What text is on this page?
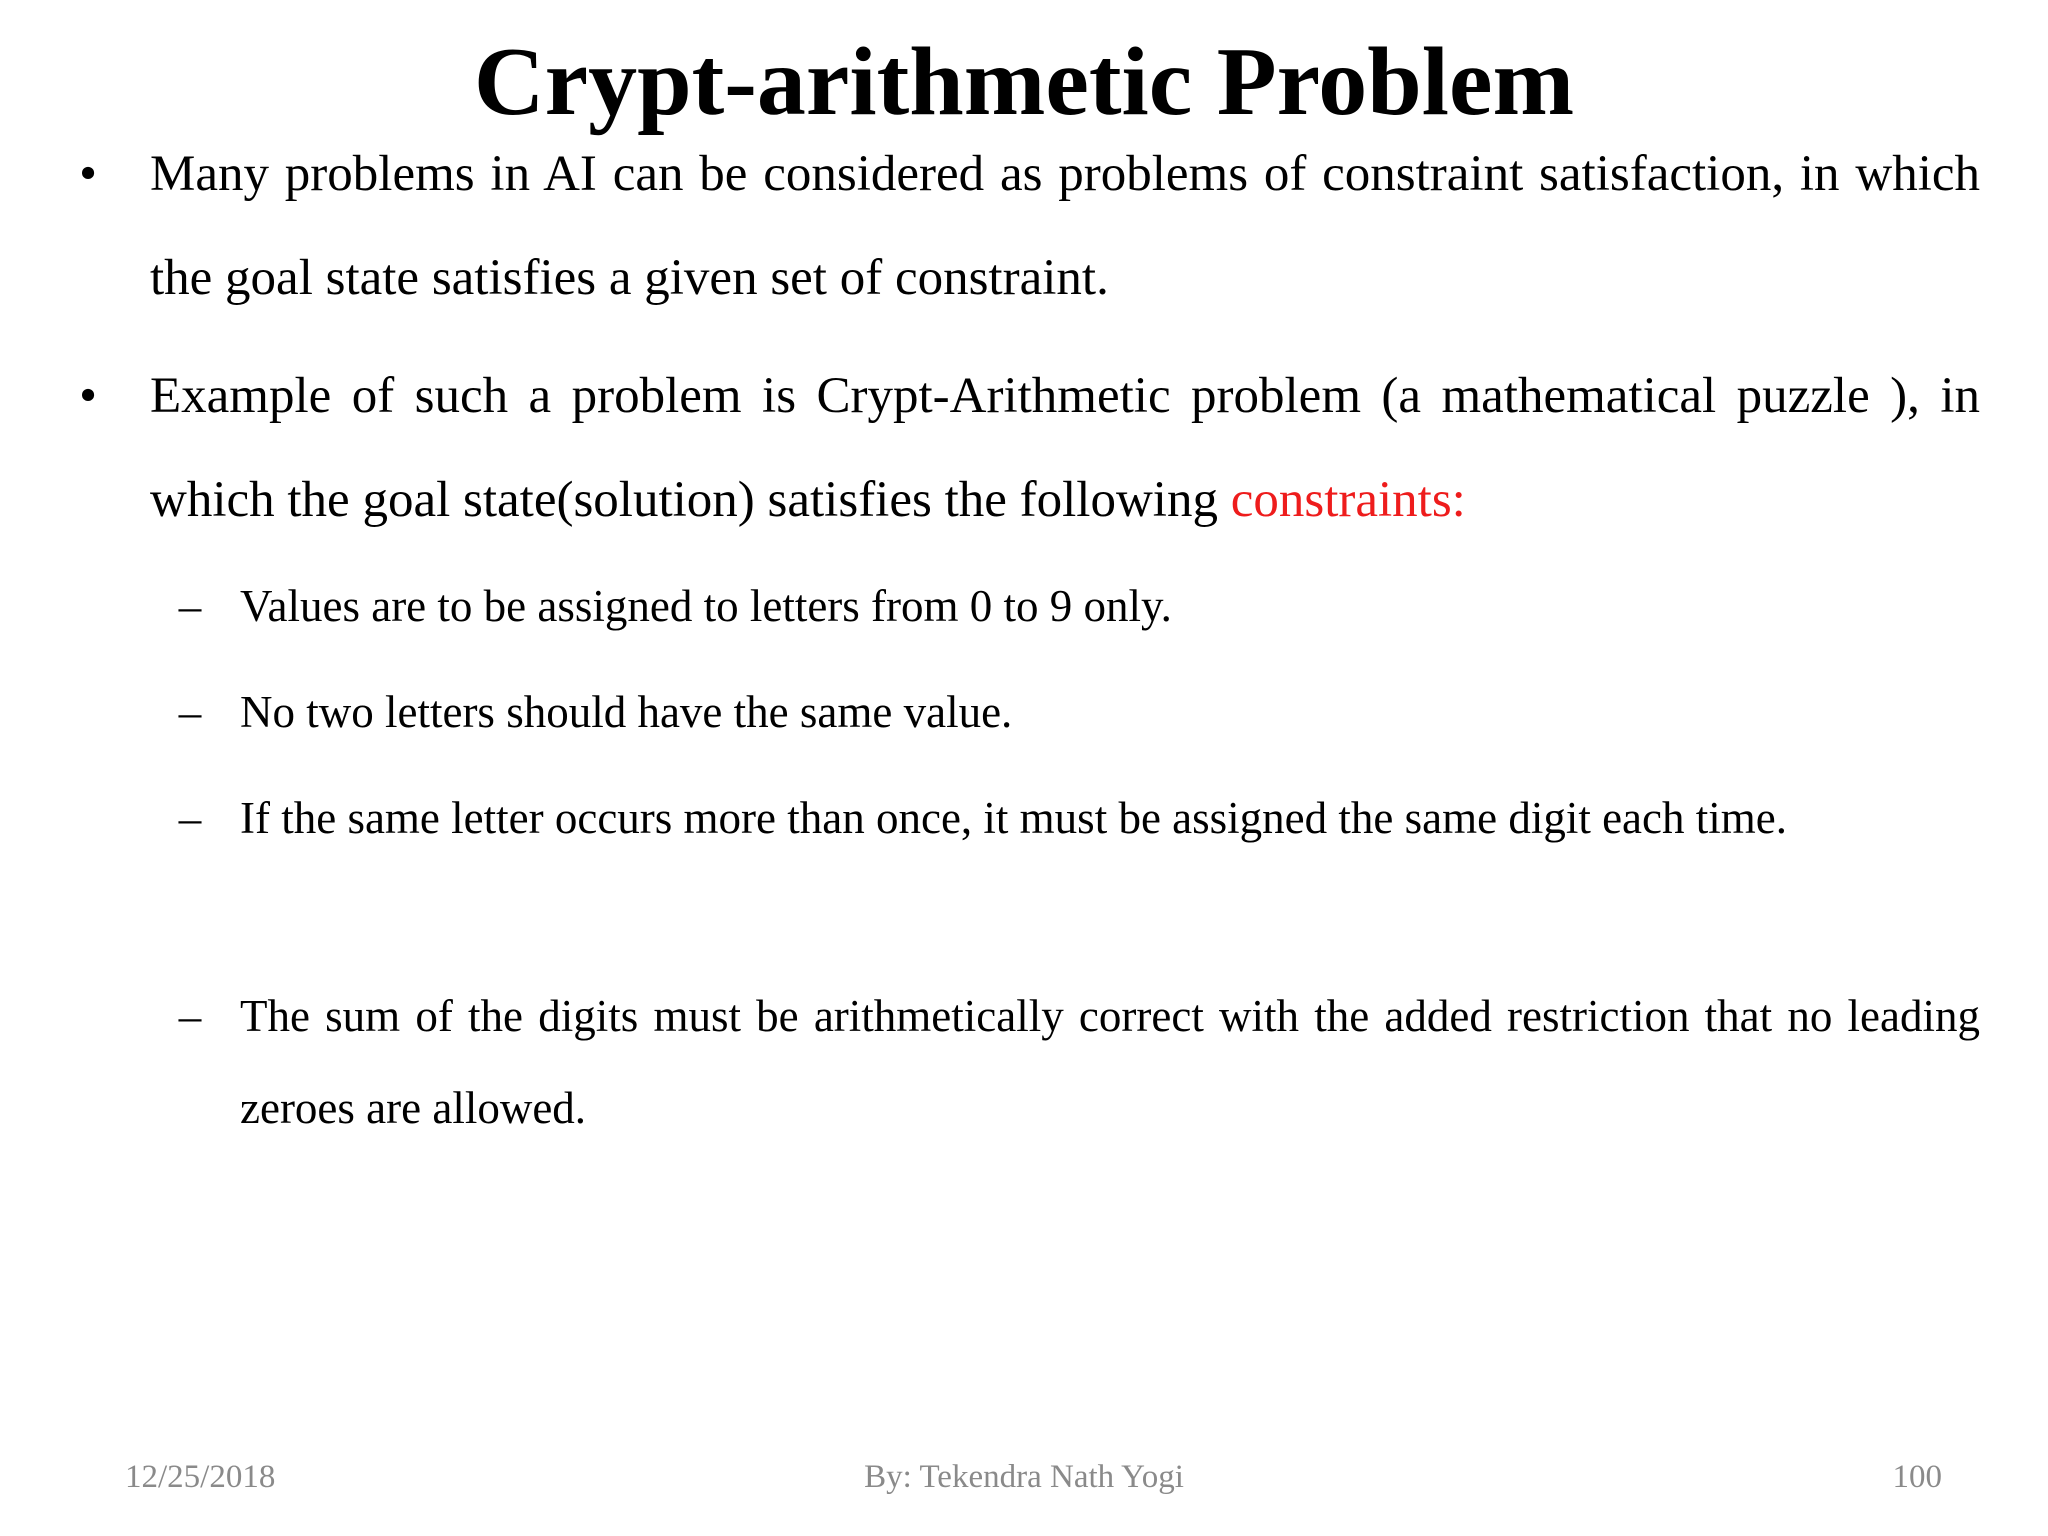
Crypt-arithmetic Problem
• Many problems in AI can be considered as problems of constraint satisfaction, in which the goal state satisfies a given set of constraint.
• Example of such a problem is Crypt-Arithmetic problem (a mathematical puzzle ), in which the goal state(solution) satisfies the following constraints:
– Values are to be assigned to letters from 0 to 9 only.
– No two letters should have the same value.
– If the same letter occurs more than once, it must be assigned the same digit each time.
– The sum of the digits must be arithmetically correct with the added restriction that no leading zeroes are allowed.
12/25/2018	By: Tekendra Nath Yogi	100
